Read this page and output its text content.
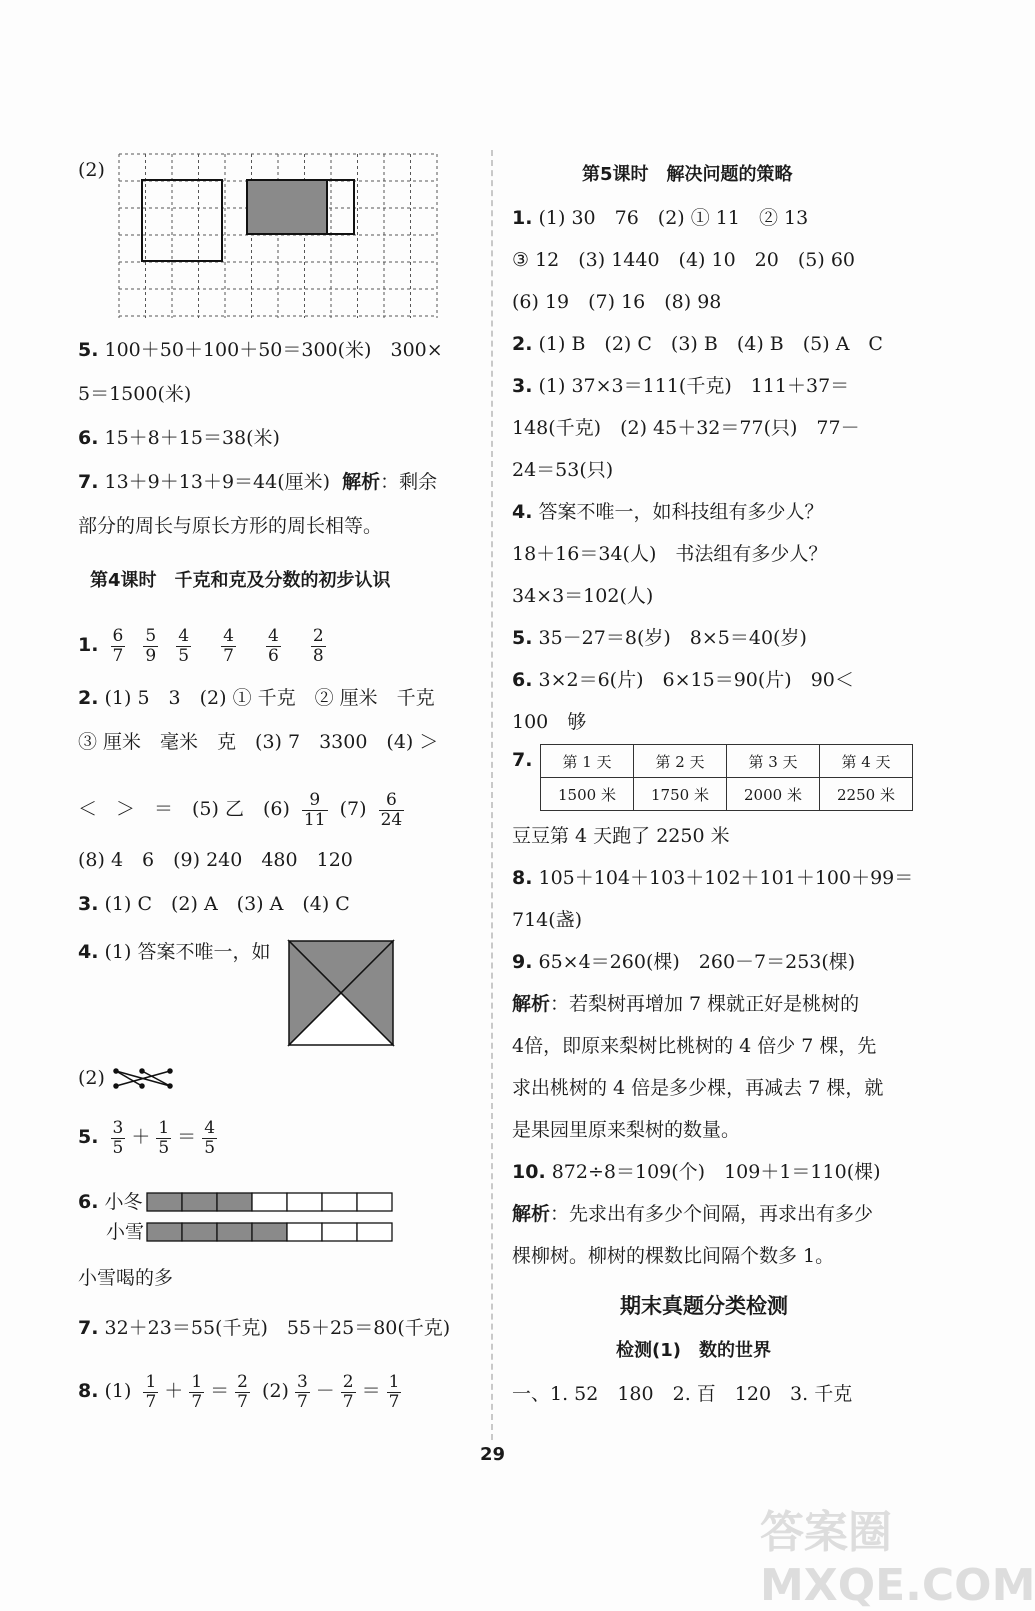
(2)
5. 100＋50＋100＋50＝300(米)　300×
5＝1500(米)
6. 15＋8＋15＝38(米)
7. 13＋9＋13＋9＝44(厘米) 解析：剩余
部分的周长与原长方形的周长相等。
第4课时　千克和克及分数的初步认识
1. $\frac{6}{7}$
$\frac{5}{9}$
$\frac{4}{5}$
$\frac{4}{7}$
$\frac{4}{6}$
$\frac{2}{8}$
2. (1) 5　3　(2) ① 千克　② 厘米　千克
③ 厘米　毫米　克　(3) 7　3300　(4) ＞
＜　＞　＝　(5) 乙　$(6) \frac{9}{11} (7) \frac{6}{24}$
(8) 4　6　(9) 240　480　120
3. (1) C　(2) A　(3) A　(4) C
4. (1) 答案不唯一，如
(2)
5. $\frac{3}{5} + \frac{1}{5} = \frac{4}{5}$
6. 小冬
小雪
小雪喝的多
7. 32＋23＝55(千克)　55＋25＝80(千克)
8. $(1) \frac{1}{7} + \frac{1}{7} = \frac{2}{7} (2) \frac{3}{7} - \frac{2}{7} = \frac{1}{7}$
第5课时　解决问题的策略
1. (1) 30　76　(2) ① 11　② 13
③ 12　(3) 1440　(4) 10　20　(5) 60
(6) 19　(7) 16　(8) 98
2. (1) B　(2) C　(3) B　(4) B　(5) A　C
3. (1) 37×3＝111(千克)　111＋37＝
148(千克)　(2) 45＋32＝77(只)　77－
24＝53(只)
4. 答案不唯一，如科技组有多少人？
18＋16＝34(人)　书法组有多少人？
34×3＝102(人)
5. 35－27＝8(岁)　8×5＝40(岁)
6. 3×2＝6(片)　6×15＝90(片)　90＜
100　够
7. 第 1 天	第 2 天	第 3 天	第 4 天
1500 米	1750 米	2000 米	2250 米
豆豆第 4 天跑了 2250 米
8. 105＋104＋103＋102＋101＋100＋99＝
714(盏)
9. 65×4＝260(棵)　260－7＝253(棵)
解析：若梨树再增加 7 棵就正好是桃树的
4倍，即原来梨树比桃树的 4 倍少 7 棵，先
求出桃树的 4 倍是多少棵，再减去 7 棵，就
是果园里原来梨树的数量。
10. 872÷8＝109(个)　109＋1＝110(棵)
解析：先求出有多少个间隔，再求出有多少
棵柳树。柳树的棵数比间隔个数多 1。
期末真题分类检测
检测(1)　数的世界
一、1. 52　180　2. 百　120　3. 千克
29
答案圈 MXQE.COM
